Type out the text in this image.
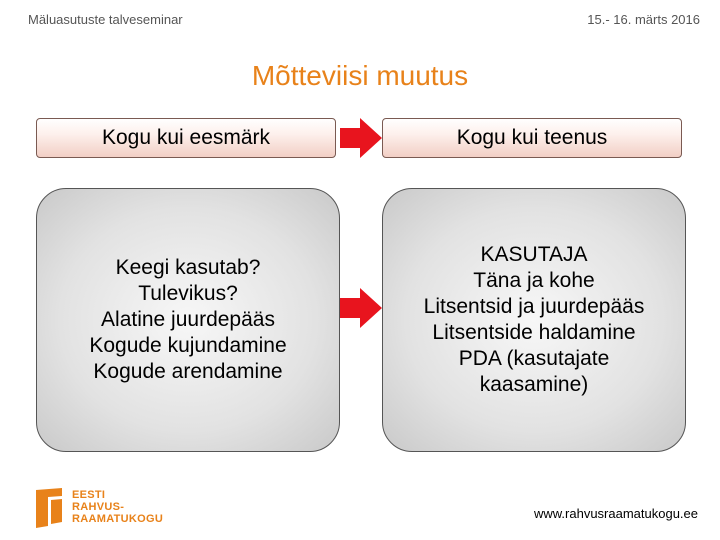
Mäluasutuste talveseminar	15.- 16. märts 2016
Mõtteviisi muutus
Kogu kui eesmärk	Kogu kui teenus
Keegi kasutab?
Tulevikus?
Alatine juurdepääs
Kogude kujundamine
Kogude arendamine
KASUTAJA
Täna ja kohe
Litsentsid ja juurdepääs
Litsentside haldamine
PDA (kasutajate
kaasamine)
EESTI
RAHVUS-
RAAMATUKOGU	www.rahvusraamatukogu.ee
